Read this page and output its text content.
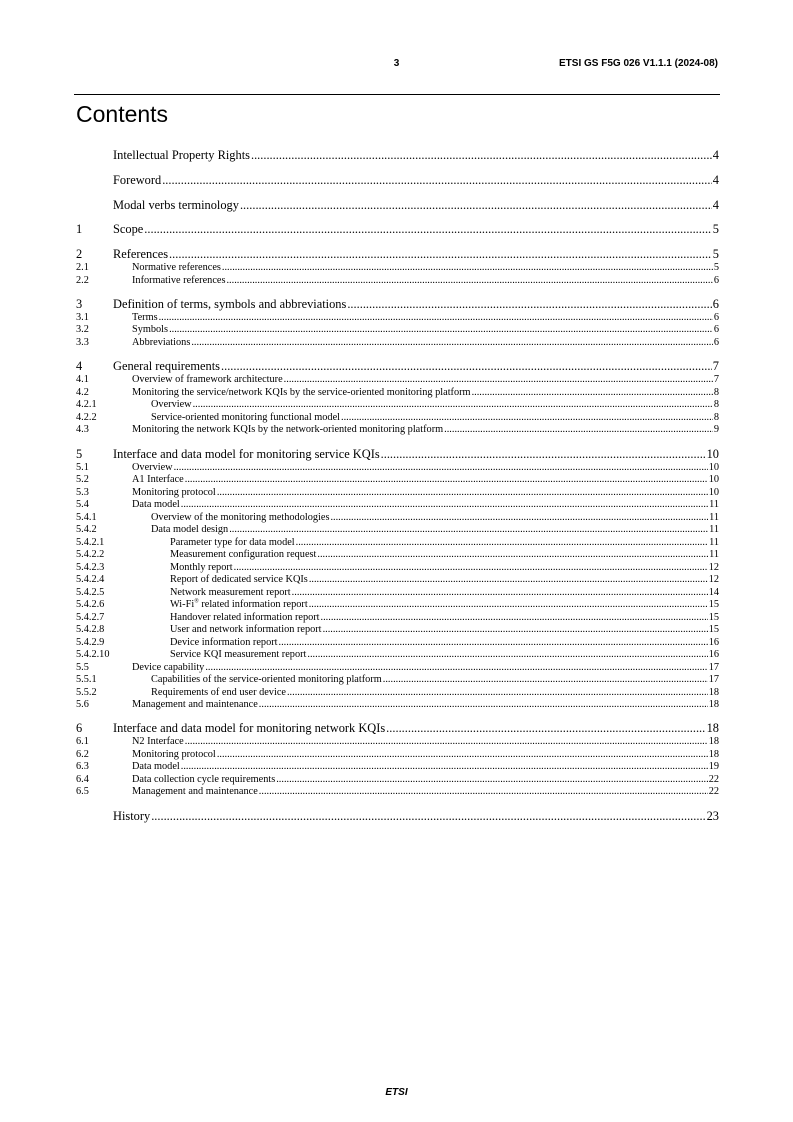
3	ETSI GS F5G 026 V1.1.1 (2024-08)
Contents
Intellectual Property Rights .....	4
Foreword .....	4
Modal verbs terminology .....	4
1	Scope .....	5
2	References .....	5
2.1	Normative references .....	5
2.2	Informative references .....	6
3	Definition of terms, symbols and abbreviations .....	6
3.1	Terms .....	6
3.2	Symbols .....	6
3.3	Abbreviations .....	6
4	General requirements .....	7
4.1	Overview of framework architecture .....	7
4.2	Monitoring the service/network KQIs by the service-oriented monitoring platform .....	8
4.2.1	Overview .....	8
4.2.2	Service-oriented monitoring functional model .....	8
4.3	Monitoring the network KQIs by the network-oriented monitoring platform .....	9
5	Interface and data model for monitoring service KQIs .....	10
5.1	Overview .....	10
5.2	A1 Interface .....	10
5.3	Monitoring protocol .....	10
5.4	Data model .....	11
5.4.1	Overview of the monitoring methodologies .....	11
5.4.2	Data model design .....	11
5.4.2.1	Parameter type for data model .....	11
5.4.2.2	Measurement configuration request .....	11
5.4.2.3	Monthly report .....	12
5.4.2.4	Report of dedicated service KQIs .....	12
5.4.2.5	Network measurement report .....	14
5.4.2.6	Wi-Fi® related information report .....	15
5.4.2.7	Handover related information report .....	15
5.4.2.8	User and network information report .....	15
5.4.2.9	Device information report .....	16
5.4.2.10	Service KQI measurement report .....	16
5.5	Device capability .....	17
5.5.1	Capabilities of the service-oriented monitoring platform .....	17
5.5.2	Requirements of end user device .....	18
5.6	Management and maintenance .....	18
6	Interface and data model for monitoring network KQIs .....	18
6.1	N2 Interface .....	18
6.2	Monitoring protocol .....	18
6.3	Data model .....	19
6.4	Data collection cycle requirements .....	22
6.5	Management and maintenance .....	22
History .....	23
ETSI
